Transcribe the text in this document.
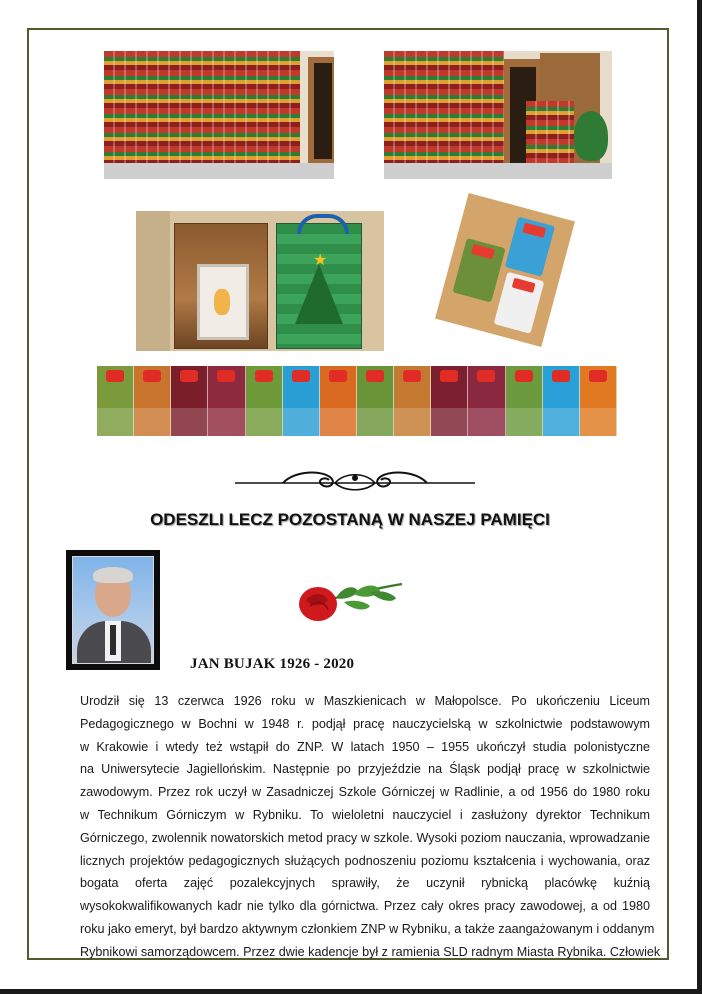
★
ODESZLI LECZ POZOSTANĄ W NASZEJ PAMIĘCI
JAN BUJAK 1926 - 2020
Urodził się 13 czerwca 1926 roku w Maszkienicach w Małopolsce. Po ukończeniu Liceum
Pedagogicznego w Bochni w 1948 r. podjął pracę nauczycielską w szkolnictwie podstawowym
w Krakowie i wtedy też wstąpił do ZNP. W latach 1950 – 1955 ukończył studia polonistyczne
na Uniwersytecie Jagiellońskim. Następnie po przyjeździe na Śląsk podjął pracę w szkolnictwie
zawodowym. Przez rok uczył w Zasadniczej Szkole Górniczej w Radlinie, a od 1956 do 1980 roku
w Technikum Górniczym w Rybniku. To wieloletni nauczyciel i zasłużony dyrektor Technikum
Górniczego, zwolennik nowatorskich metod pracy w szkole. Wysoki poziom nauczania, wprowadzanie
licznych projektów pedagogicznych służących podnoszeniu poziomu kształcenia i wychowania, oraz
bogata oferta zajęć pozalekcyjnych sprawiły, że uczynił rybnicką placówkę kuźnią
wysokokwalifikowanych kadr nie tylko dla górnictwa. Przez cały okres pracy zawodowej, a od 1980
roku jako emeryt, był bardzo aktywnym członkiem ZNP w Rybniku, a także zaangażowanym i oddanym
Rybnikowi samorządowcem. Przez dwie kadencje był z ramienia SLD radnym Miasta Rybnika. Człowiek
